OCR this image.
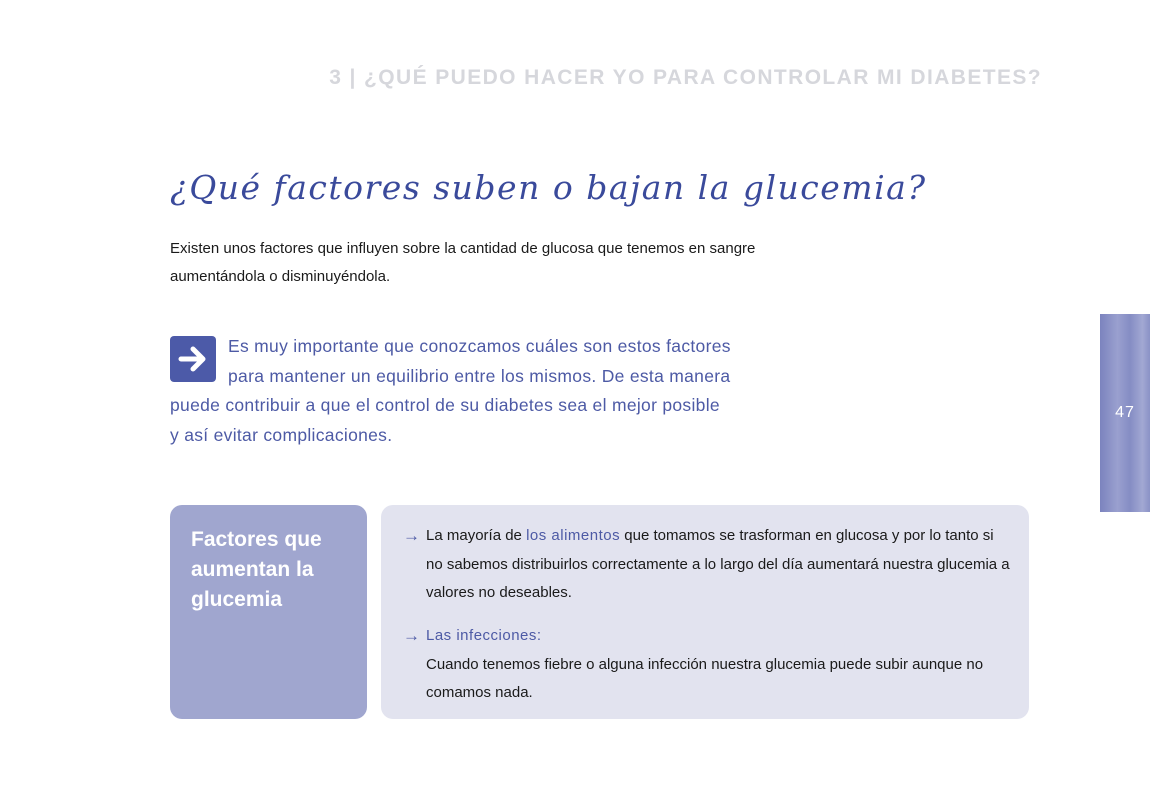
3 | ¿QUÉ PUEDO HACER YO PARA CONTROLAR MI DIABETES?
¿Qué factores suben o bajan la glucemia?
Existen unos factores que influyen sobre la cantidad de glucosa que tenemos en sangre
aumentándola o disminuyéndola.
Es muy importante que conozcamos cuáles son estos factores
para mantener un equilibrio entre los mismos. De esta manera
puede contribuir a que el control de su diabetes sea el mejor posible
y así evitar complicaciones.
47
Factores que aumentan la glucemia
→ La mayoría de los alimentos que tomamos se trasforman en glucosa y por lo tanto si no sabemos distribuirlos correctamente a lo largo del día aumentará nuestra glucemia a valores no deseables.
→ Las infecciones:
Cuando tenemos fiebre o alguna infección nuestra glucemia puede subir aunque no comamos nada.
